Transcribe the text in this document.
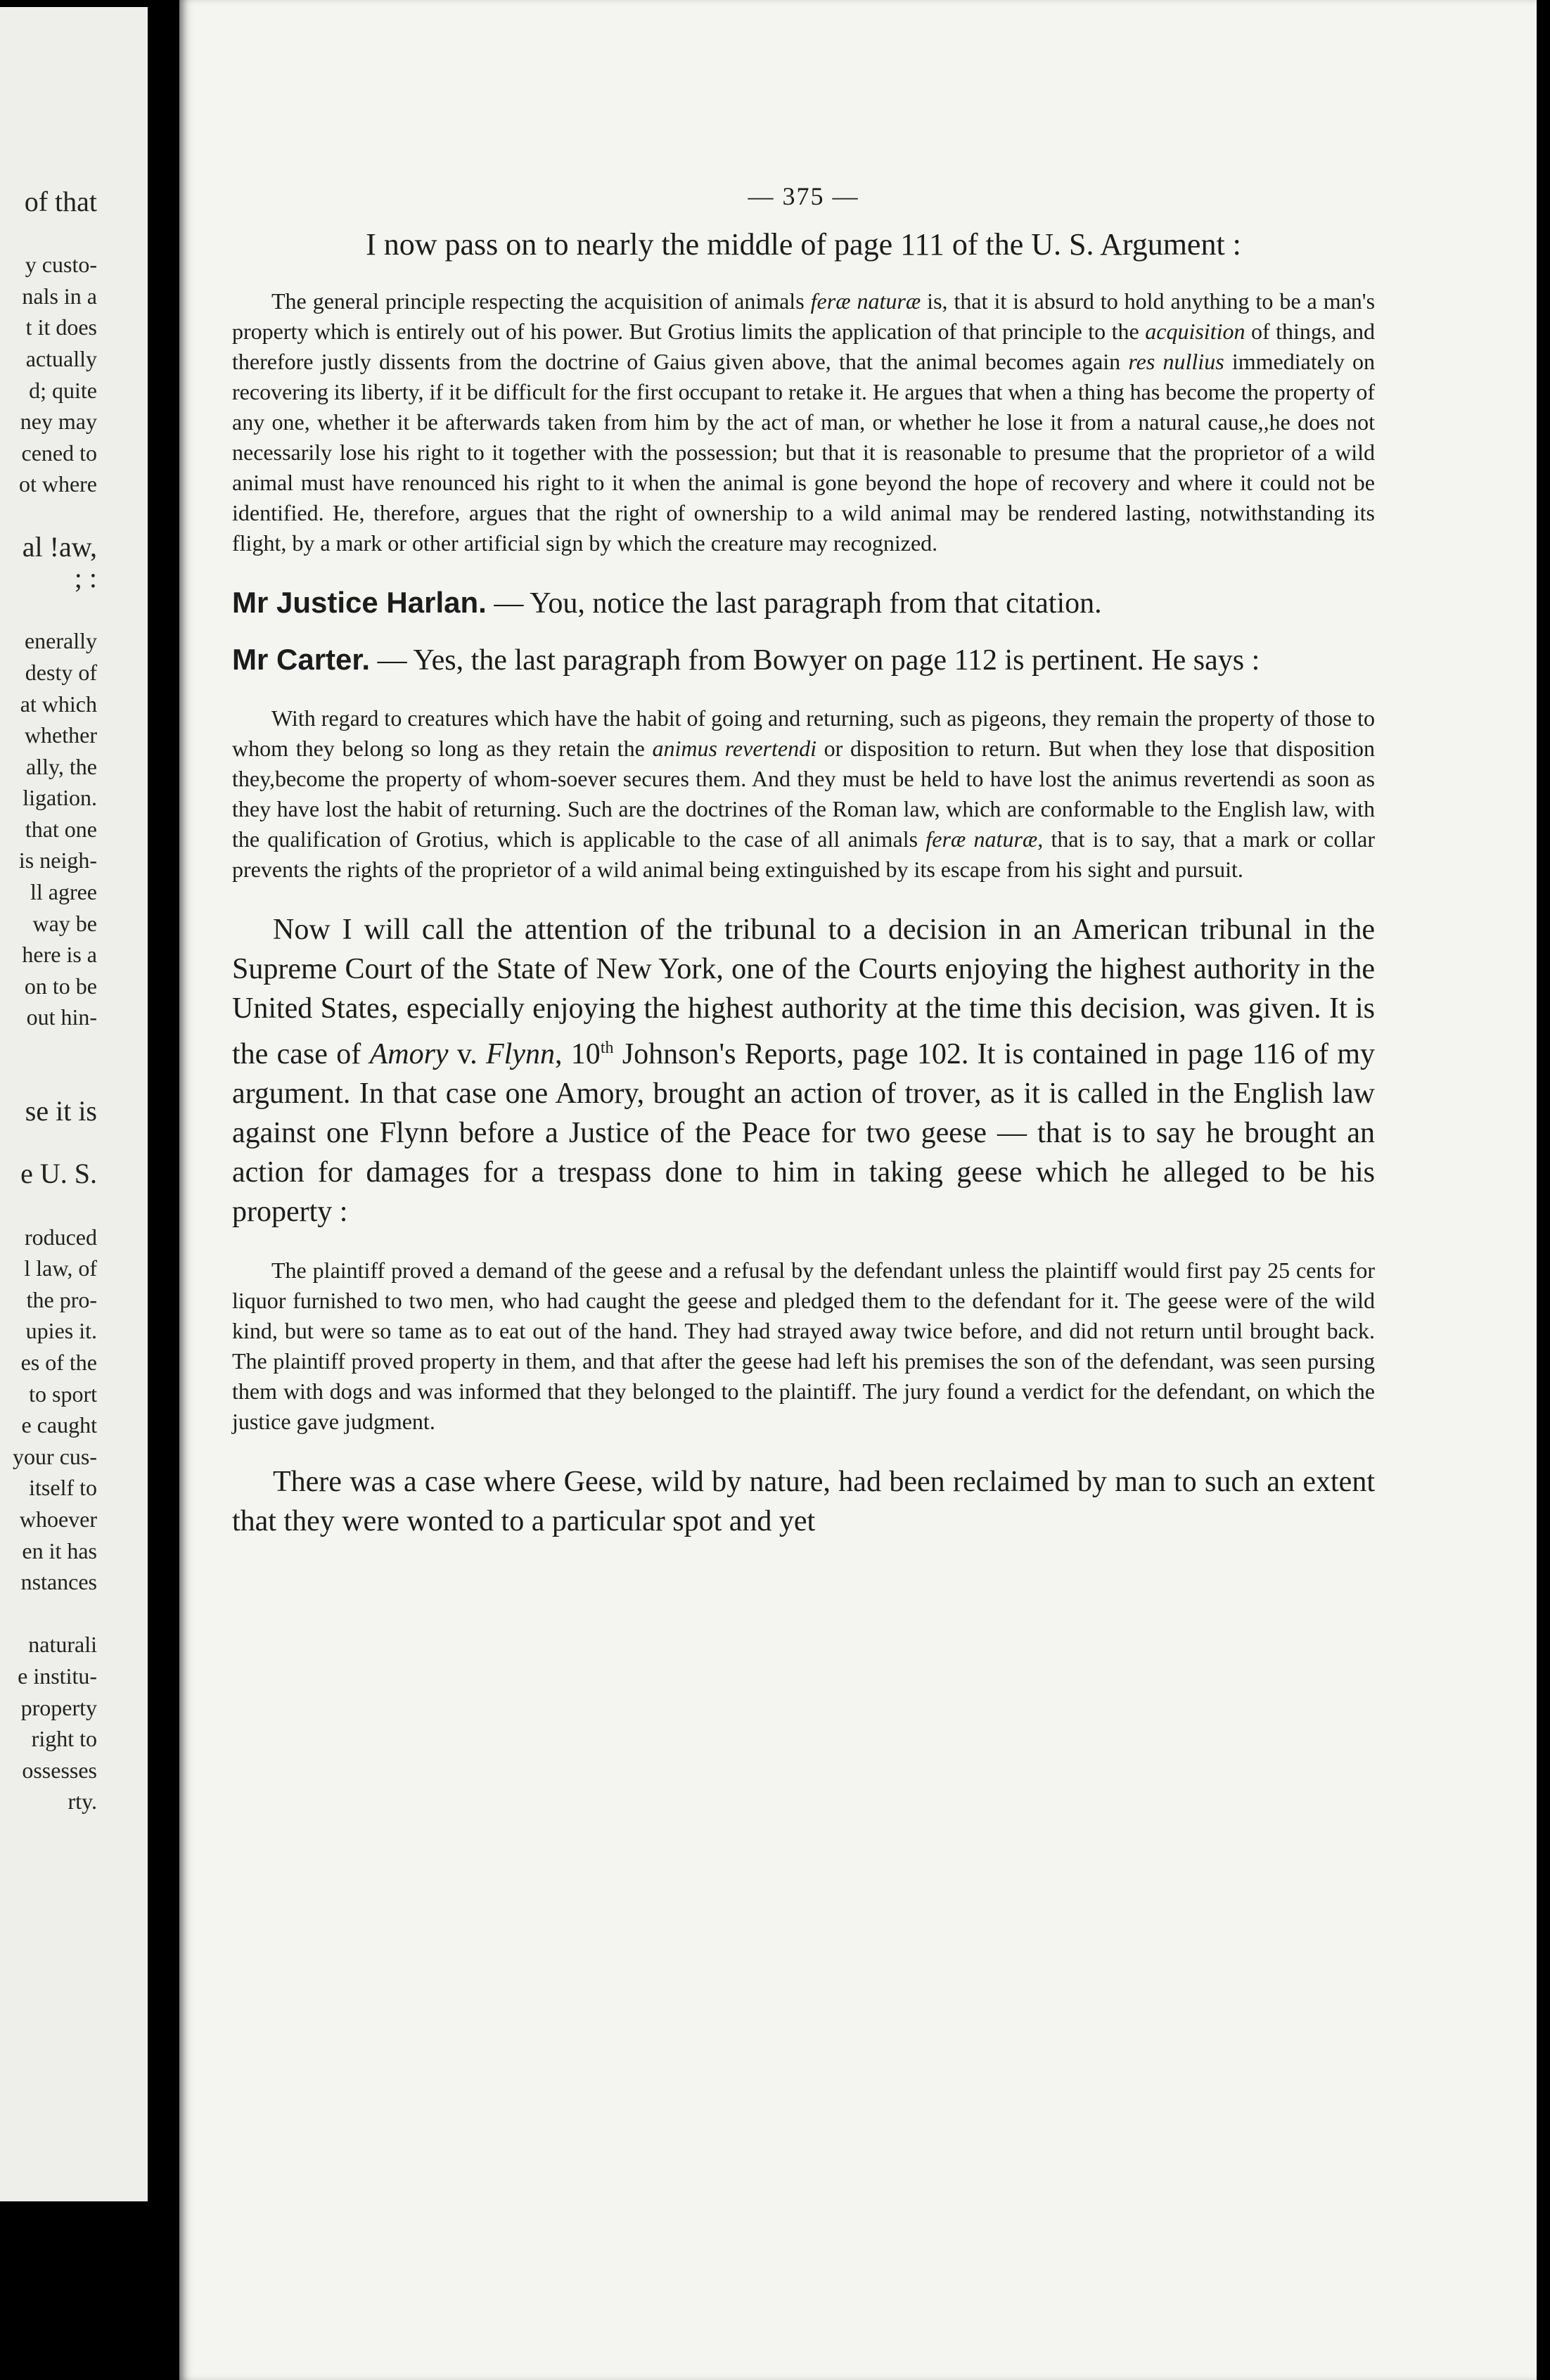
of that
y custo-
nals in a
t it does
actually
d; quite
ney may
cened to
ot where
al !aw,
; :
enerally
desty of
at which
whether
ally, the
ligation.
that one
is neigh-
ll agree
way be
here is a
on to be
out hin-
se it is
e U. S.
roduced
l law, of
the pro-
upies it.
es of the
to sport
e caught
your cus-
itself to
whoever
en it has
nstances
naturali
e institu-
property
right to
ossesses
rty.
— 375 —
I now pass on to nearly the middle of page 111 of the U. S. Argument :

The general principle respecting the acquisition of animals feræ naturæ is, that it is absurd to hold anything to be a man's property which is entirely out of his power. But Grotius limits the application of that principle to the acquisition of things, and therefore justly dissents from the doctrine of Gaius given above, that the animal becomes again res nullius immediately on recovering its liberty, if it be difficult for the first occupant to retake it. He argues that when a thing has become the property of any one, whether it be afterwards taken from him by the act of man, or whether he lose it from a natural cause,,he does not necessarily lose his right to it together with the possession; but that it is reasonable to presume that the proprietor of a wild animal must have renounced his right to it when the animal is gone beyond the hope of recovery and where it could not be identified. He, therefore, argues that the right of ownership to a wild animal may be rendered lasting, notwithstanding its flight, by a mark or other artificial sign by which the creature may recognized.

Mr Justice Harlan. — You, notice the last paragraph from that citation.

Mr Carter. — Yes, the last paragraph from Bowyer on page 112 is pertinent. He says :

With regard to creatures which have the habit of going and returning, such as pigeons, they remain the property of those to whom they belong so long as they retain the animus revertendi or disposition to return. But when they lose that disposition they,become the property of whom-soever secures them. And they must be held to have lost the animus revertendi as soon as they have lost the habit of returning. Such are the doctrines of the Roman law, which are conformable to the English law, with the qualification of Grotius, which is applicable to the case of all animals feræ naturæ, that is to say, that a mark or collar prevents the rights of the proprietor of a wild animal being extinguished by its escape from his sight and pursuit.

Now I will call the attention of the tribunal to a decision in an American tribunal in the Supreme Court of the State of New York, one of the Courts enjoying the highest authority in the United States, especially enjoying the highest authority at the time this decision, was given. It is the case of Amory v. Flynn, 10th Johnson's Reports, page 102. It is contained in page 116 of my argument. In that case one Amory, brought an action of trover, as it is called in the English law against one Flynn before a Justice of the Peace for two geese — that is to say he brought an action for damages for a trespass done to him in taking geese which he alleged to be his property :

The plaintiff proved a demand of the geese and a refusal by the defendant unless the plaintiff would first pay 25 cents for liquor furnished to two men, who had caught the geese and pledged them to the defendant for it. The geese were of the wild kind, but were so tame as to eat out of the hand. They had strayed away twice before, and did not return until brought back. The plaintiff proved property in them, and that after the geese had left his premises the son of the defendant, was seen pursing them with dogs and was informed that they belonged to the plaintiff. The jury found a verdict for the defendant, on which the justice gave judgment.

There was a case where Geese, wild by nature, had been reclaimed by man to such an extent that they were wonted to a particular spot and yet
